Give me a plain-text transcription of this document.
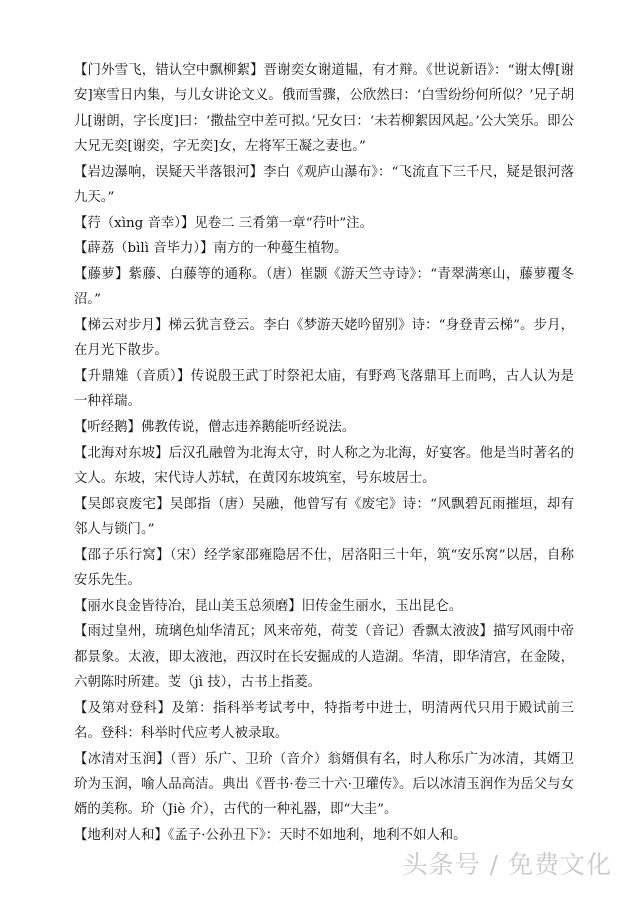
【门外雪飞，错认空中飘柳絮】晋谢奕女谢道韫，有才辩。《世说新语》：“谢太傅[谢安]寒雪日内集，与儿女讲论文义。俄而雪骤，公欣然曰：‘白雪纷纷何所似？’兄子胡儿[谢朗，字长度]曰：‘撒盐空中差可拟。’兄女曰：‘未若柳絮因风起。’公大笑乐。即公大兄无奕[谢奕，字无奕]女，左将军王凝之妻也。”

【岩边瀑响，误疑天半落银河】李白《观庐山瀑布》：“飞流直下三千尺，疑是银河落九天。”

【荇（xìng 音幸）】见卷二 三肴第一章“荇叶”注。

【薜荔（bìlì 音毕力）】南方的一种蔓生植物。

【藤萝】紫藤、白藤等的通称。（唐）崔颢《游天竺寺诗》：“青翠满寒山，藤萝覆冬沼。”

【梯云对步月】梯云犹言登云。李白《梦游天姥吟留别》诗：“身登青云梯”。步月，在月光下散步。

【升鼎雉（音质）】传说殷王武丁时祭祀太庙，有野鸡飞落鼎耳上而鸣，古人认为是一种祥瑞。

【听经鹅】佛教传说，僧志违养鹅能听经说法。

【北海对东坡】后汉孔融曾为北海太守，时人称之为北海，好宴客。他是当时著名的文人。东坡，宋代诗人苏轼，在黄冈东坡筑室，号东坡居士。

【吴郎哀废宅】吴郎指（唐）吴融，他曾写有《废宅》诗：“风飘碧瓦雨摧垣，却有邻人与锁门。”

【邵子乐行窝】（宋）经学家邵雍隐居不仕，居洛阳三十年，筑“安乐窝”以居，自称安乐先生。

【丽水良金皆待冶，昆山美玉总须磨】旧传金生丽水，玉出昆仑。

【雨过皇州，琉璃色灿华清瓦；风来帝苑，荷芰（音记）香飘太液波】描写风雨中帝都景象。太液，即太液池，西汉时在长安掘成的人造湖。华清，即华清宫，在金陵，六朝陈时所建。芰（jì 技），古书上指菱。

【及第对登科】及第：指科举考试考中，特指考中进士，明清两代只用于殿试前三名。登科：科举时代应考人被录取。

【冰清对玉润】（晋）乐广、卫玠（音介）翁婿俱有名，时人称乐广为冰清，其婿卫玠为玉润，喻人品高洁。典出《晋书·卷三十六·卫瓘传》。后以冰清玉润作为岳父与女婿的美称。玠（Jiè 介），古代的一种礼器，即“大圭”。

【地利对人和】《孟子·公孙丑下》：天时不如地利，地利不如人和。

头条号 / 免费文化
